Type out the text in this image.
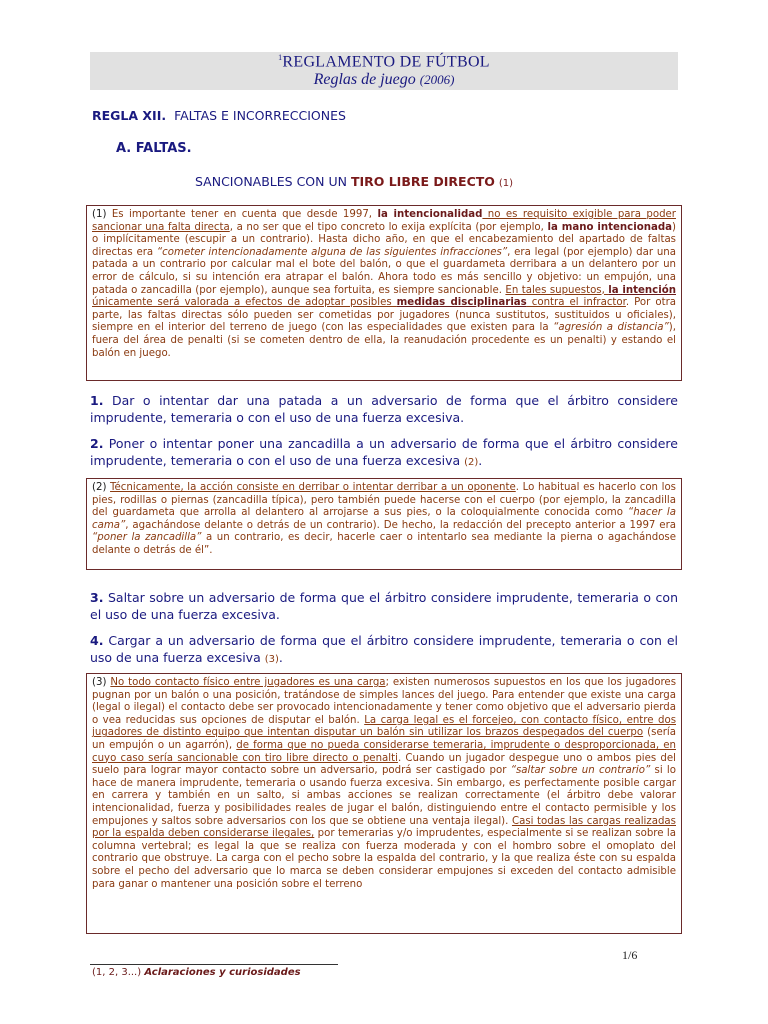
$^1$REGLAMENTO DE FÚTBOL
Reglas de juego (2006)
REGLA XII. FALTAS E INCORRECCIONES
A. FALTAS.
SANCIONABLES CON UN TIRO LIBRE DIRECTO (1)
(1) Es importante tener en cuenta que desde 1997, la intencionalidad no es requisito exigible para poder sancionar una falta directa, a no ser que el tipo concreto lo exija explícita (por ejemplo, la mano intencionada) o implícitamente (escupir a un contrario). Hasta dicho año, en que el encabezamiento del apartado de faltas directas era “cometer intencionadamente alguna de las siguientes infracciones”, era legal (por ejemplo) dar una patada a un contrario por calcular mal el bote del balón, o que el guardameta derribara a un delantero por un error de cálculo, si su intención era atrapar el balón. Ahora todo es más sencillo y objetivo: un empujón, una patada o zancadilla (por ejemplo), aunque sea fortuita, es siempre sancionable. En tales supuestos, la intención únicamente será valorada a efectos de adoptar posibles medidas disciplinarias contra el infractor. Por otra parte, las faltas directas sólo pueden ser cometidas por jugadores (nunca sustitutos, sustituidos u oficiales), siempre en el interior del terreno de juego (con las especialidades que existen para la “agresión a distancia”), fuera del área de penalti (si se cometen dentro de ella, la reanudación procedente es un penalti) y estando el balón en juego.
1. Dar o intentar dar una patada a un adversario de forma que el árbitro considere imprudente, temeraria o con el uso de una fuerza excesiva.
2. Poner o intentar poner una zancadilla a un adversario de forma que el árbitro considere imprudente, temeraria o con el uso de una fuerza excesiva (2).
(2) Técnicamente, la acción consiste en derribar o intentar derribar a un oponente. Lo habitual es hacerlo con los pies, rodillas o piernas (zancadilla típica), pero también puede hacerse con el cuerpo (por ejemplo, la zancadilla del guardameta que arrolla al delantero al arrojarse a sus pies, o la coloquialmente conocida como “hacer la cama”, agachándose delante o detrás de un contrario). De hecho, la redacción del precepto anterior a 1997 era “poner la zancadilla” a un contrario, es decir, hacerle caer o intentarlo sea mediante la pierna o agachándose delante o detrás de él”.
3. Saltar sobre un adversario de forma que el árbitro considere imprudente, temeraria o con el uso de una fuerza excesiva.
4. Cargar a un adversario de forma que el árbitro considere imprudente, temeraria o con el uso de una fuerza excesiva (3).
(3) No todo contacto físico entre jugadores es una carga; existen numerosos supuestos en los que los jugadores pugnan por un balón o una posición, tratándose de simples lances del juego. Para entender que existe una carga (legal o ilegal) el contacto debe ser provocado intencionadamente y tener como objetivo que el adversario pierda o vea reducidas sus opciones de disputar el balón. La carga legal es el forcejeo, con contacto físico, entre dos jugadores de distinto equipo que intentan disputar un balón sin utilizar los brazos despegados del cuerpo (sería un empujón o un agarrón), de forma que no pueda considerarse temeraria, imprudente o desproporcionada, en cuyo caso sería sancionable con tiro libre directo o penalti. Cuando un jugador despegue uno o ambos pies del suelo para lograr mayor contacto sobre un adversario, podrá ser castigado por “saltar sobre un contrario” si lo hace de manera imprudente, temeraria o usando fuerza excesiva. Sin embargo, es perfectamente posible cargar en carrera y también en un salto, si ambas acciones se realizan correctamente (el árbitro debe valorar intencionalidad, fuerza y posibilidades reales de jugar el balón, distinguiendo entre el contacto permisible y los empujones y saltos sobre adversarios con los que se obtiene una ventaja ilegal). Casi todas las cargas realizadas por la espalda deben considerarse ilegales, por temerarias y/o imprudentes, especialmente si se realizan sobre la columna vertebral; es legal la que se realiza con fuerza moderada y con el hombro sobre el omoplato del contrario que obstruye. La carga con el pecho sobre la espalda del contrario, y la que realiza éste con su espalda sobre el pecho del adversario que lo marca se deben considerar empujones si exceden del contacto admisible para ganar o mantener una posición sobre el terreno
1/6
(1, 2, 3...) Aclaraciones y curiosidades
